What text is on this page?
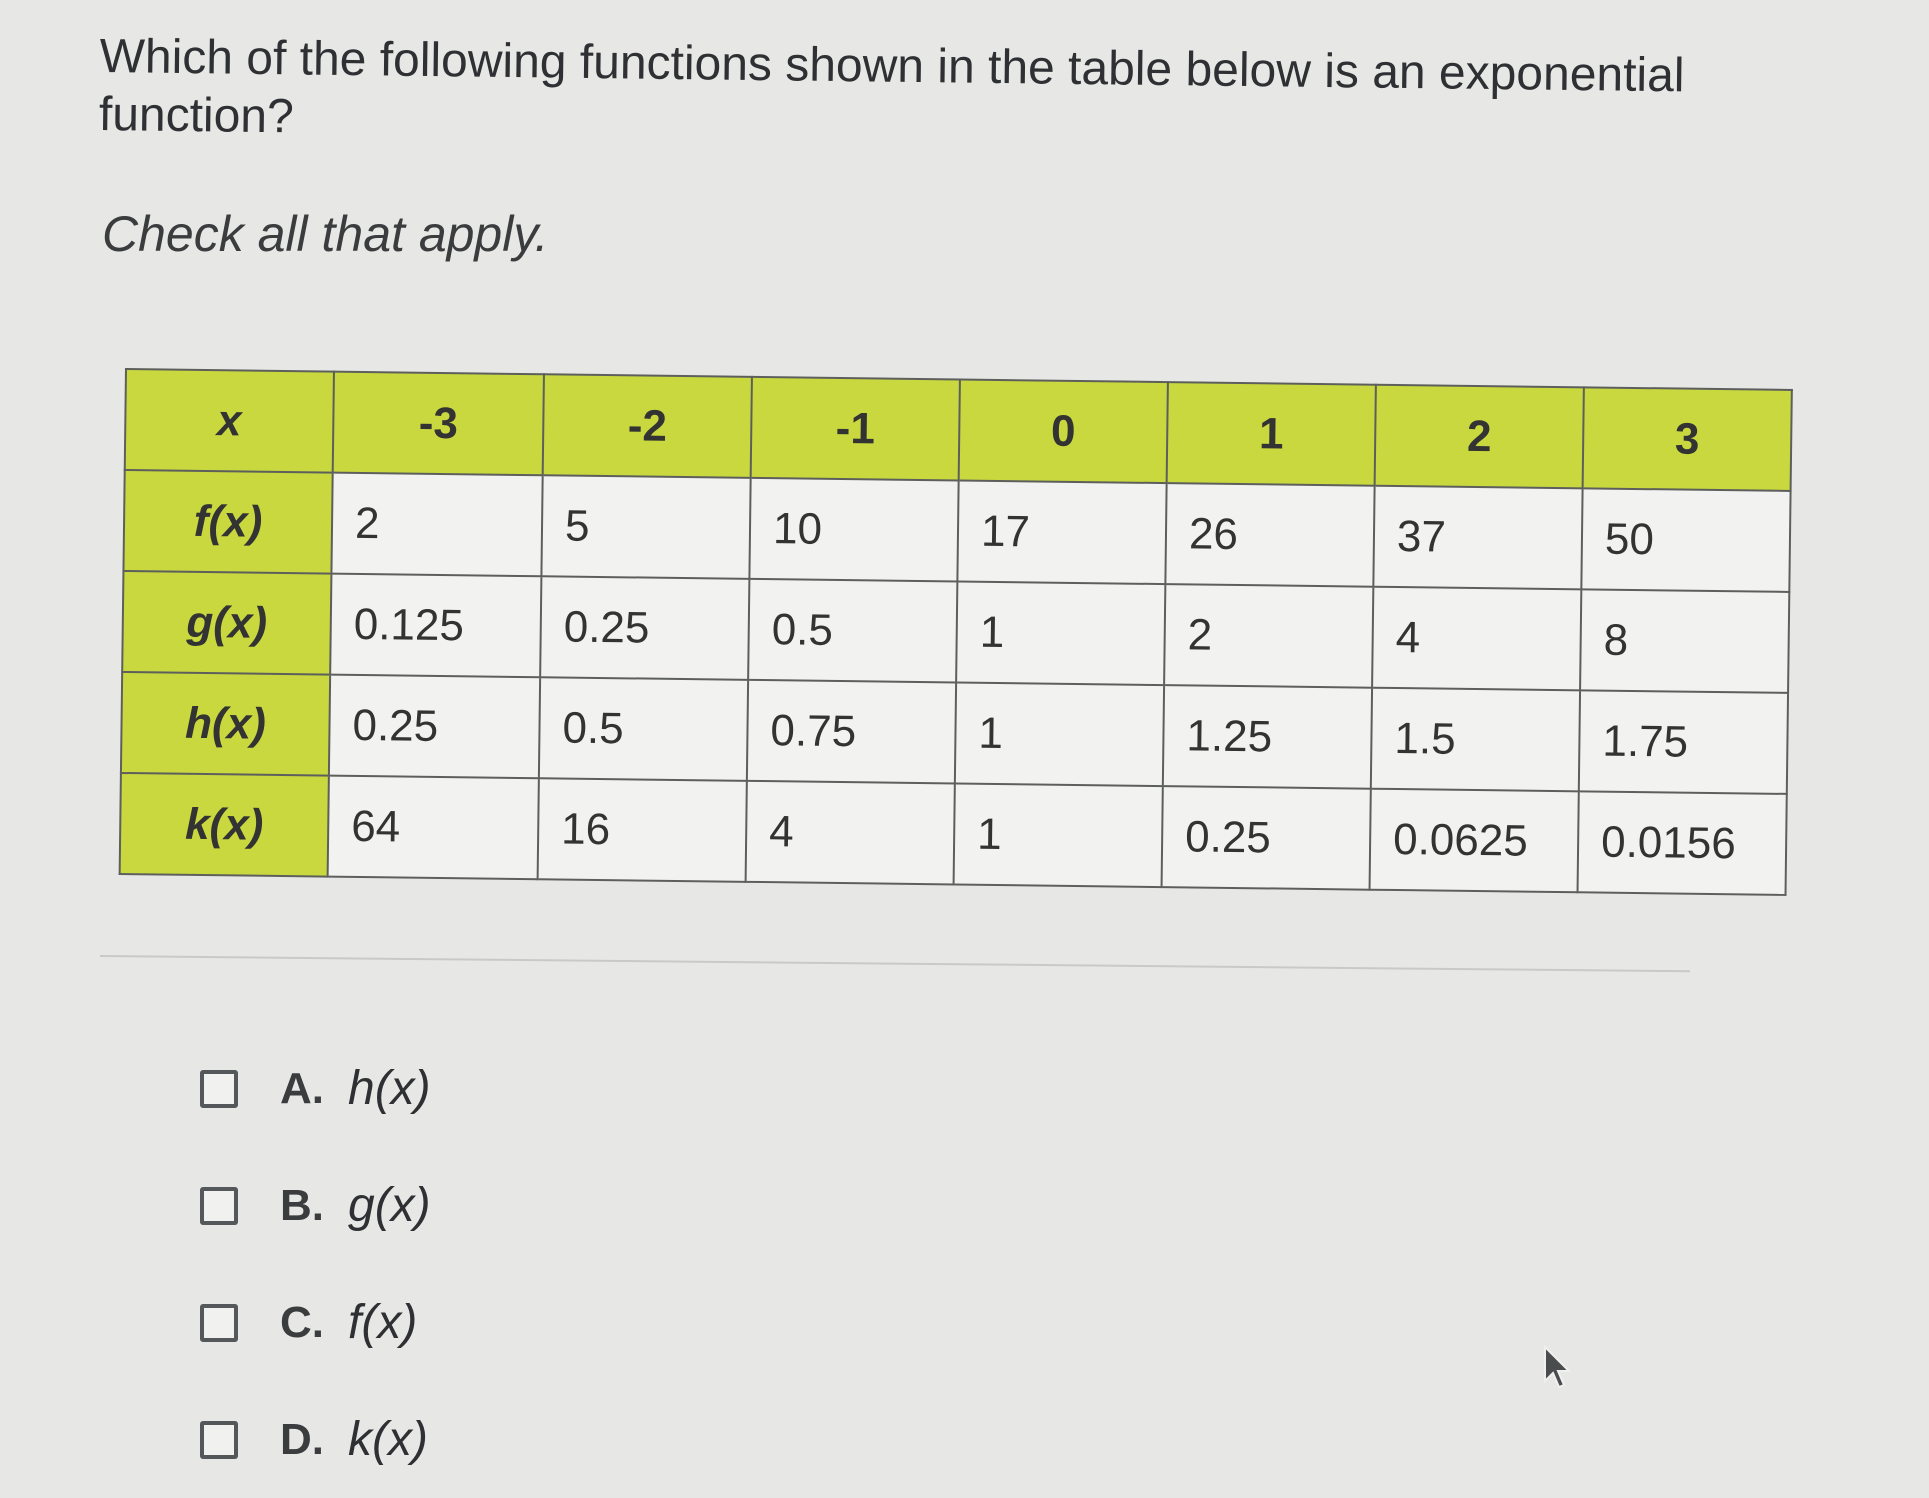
Which of the following functions shown in the table below is an exponential function?
Check all that apply.
x	-3	-2	-1	0	1	2	3
f(x)	2	5	10	17	26	37	50
g(x)	0.125	0.25	0.5	1	2	4	8
h(x)	0.25	0.5	0.75	1	1.25	1.5	1.75
k(x)	64	16	4	1	0.25	0.0625	0.0156
A. h(x)
B. g(x)
C. f(x)
D. k(x)
